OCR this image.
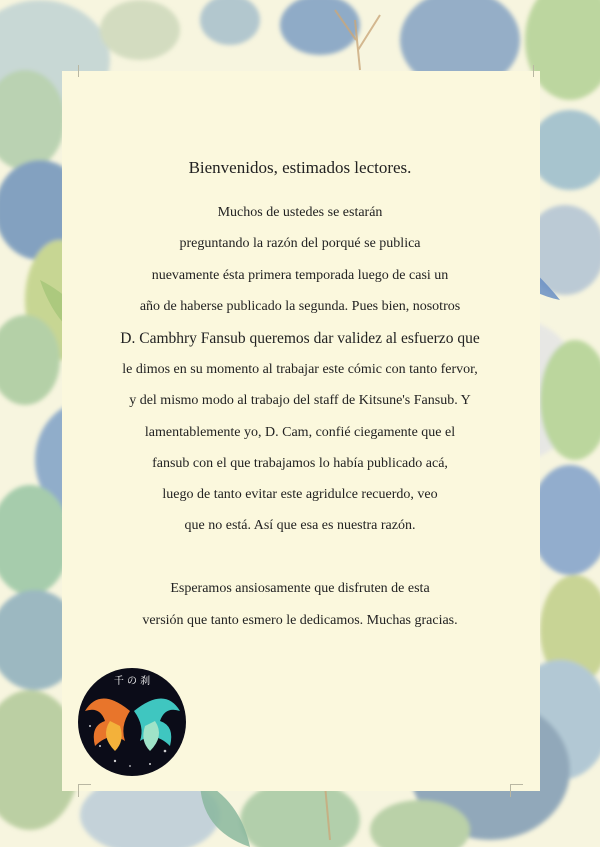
Bienvenidos, estimados lectores.
Muchos de ustedes se estarán
preguntando la razón del porqué se publica
nuevamente ésta primera temporada luego de casi un
año de haberse publicado la segunda. Pues bien, nosotros
D. Cambhry Fansub queremos dar validez al esfuerzo que
le dimos en su momento al trabajar este cómic con tanto fervor,
y del mismo modo al trabajo del staff de Kitsune's Fansub. Y
lamentablemente yo, D. Cam, confié ciegamente que el
fansub con el que trabajamos lo había publicado acá,
luego de tanto evitar este agridulce recuerdo, veo
que no está. Así que esa es nuestra razón.
Esperamos ansiosamente que disfruten de esta
versión que tanto esmero le dedicamos. Muchas gracias.
千 の 刹
